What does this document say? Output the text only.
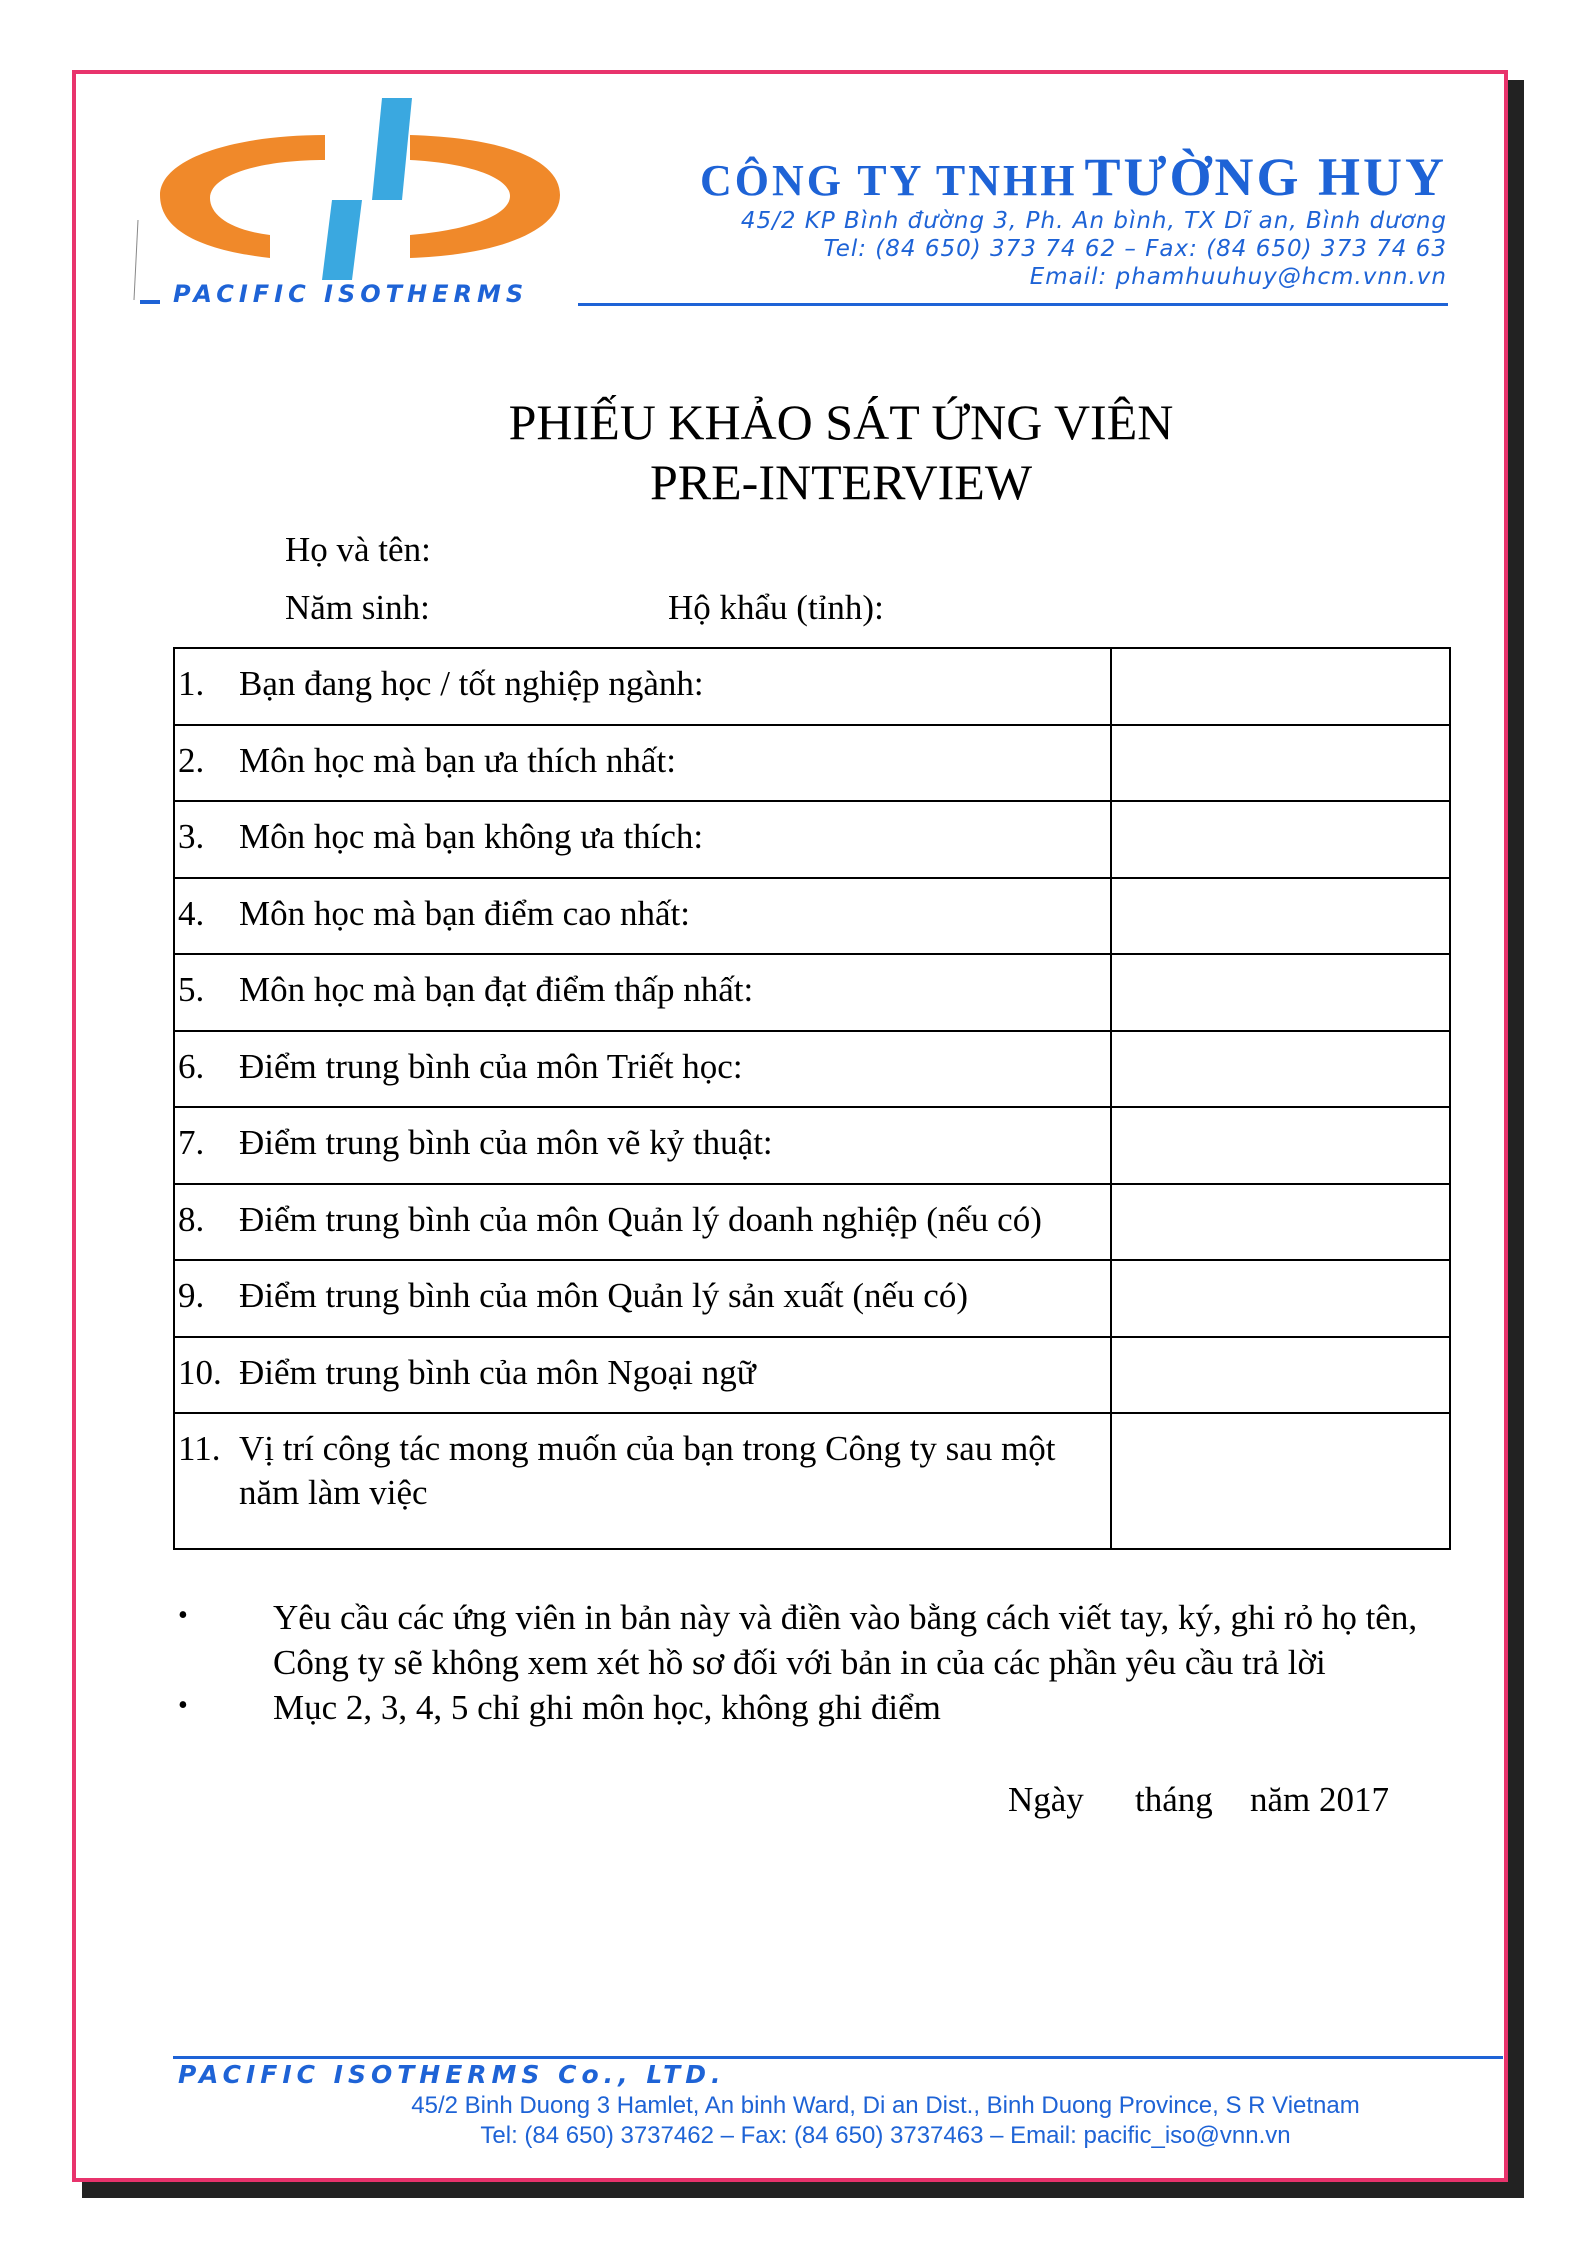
PACIFIC ISOTHERMS
CÔNG TY TNHH TƯỜNG HUY
45/2 KP Bình đường 3, Ph. An bình, TX Dĩ an, Bình dương
Tel: (84 650) 373 74 62 – Fax: (84 650) 373 74 63
Email: phamhuuhuy@hcm.vnn.vn
PHIẾU KHẢO SÁT ỨNG VIÊN
PRE-INTERVIEW
Họ và tên:
Năm sinh:	Hộ khẩu (tỉnh):
1. Bạn đang học / tốt nghiệp ngành:	

2. Môn học mà bạn ưa thích nhất:	

3. Môn học mà bạn không ưa thích:	

4. Môn học mà bạn điểm cao nhất:	

5. Môn học mà bạn đạt điểm thấp nhất:	

6. Điểm trung bình của môn Triết học:	

7. Điểm trung bình của môn vẽ kỷ thuật:	

8. Điểm trung bình của môn Quản lý doanh nghiệp (nếu có)	

9. Điểm trung bình của môn Quản lý sản xuất (nếu có)	

10. Điểm trung bình của môn Ngoại ngữ	

11. Vị trí công tác mong muốn của bạn trong Công ty sau một năm làm việc	

• Yêu cầu các ứng viên in bản này và điền vào bằng cách viết tay, ký, ghi rỏ họ tên, Công ty sẽ không xem xét hồ sơ đối với bản in của các phần yêu cầu trả lời
• Mục 2, 3, 4, 5 chỉ ghi môn học, không ghi điểm
Ngày tháng năm 2017
PACIFIC ISOTHERMS Co., LTD.
45/2 Binh Duong 3 Hamlet, An binh Ward, Di an Dist., Binh Duong Province, S R Vietnam
Tel: (84 650) 3737462 – Fax: (84 650) 3737463 – Email: pacific_iso@vnn.vn
